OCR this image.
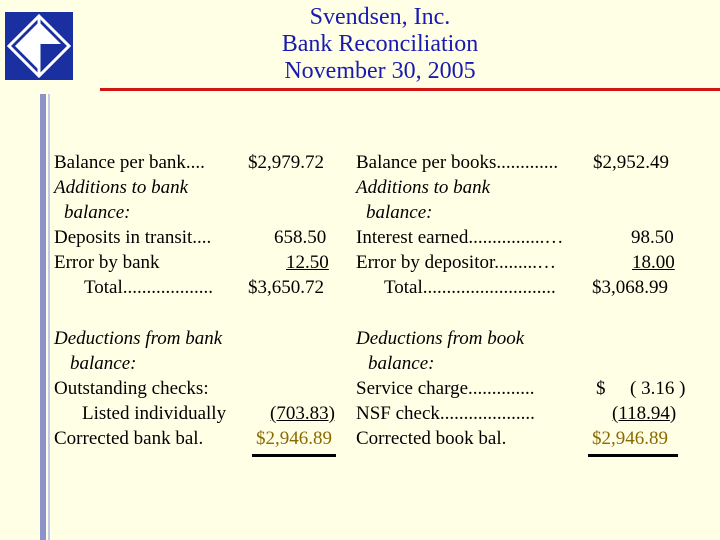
Svendsen, Inc.
Bank Reconciliation
November 30, 2005
Balance per bank.... $2,979.72
Additions to bank
balance:
Deposits in transit....	658.50
Error by bank	12.50
Total................... $3,650.72
Deductions from bank
balance:
Outstanding checks:
Listed individually	(703.83)
Corrected bank bal.	$2,946.89
Balance per books............. $2,952.49
Additions to bank
balance:
Interest earned................…	98.50
Error by depositor.........…	18.00
Total............................ $3,068.99
Deductions from book
balance:
Service charge..............	$ ( 3.16 )
NSF check....................	(118.94)
Corrected book bal.	$2,946.89
